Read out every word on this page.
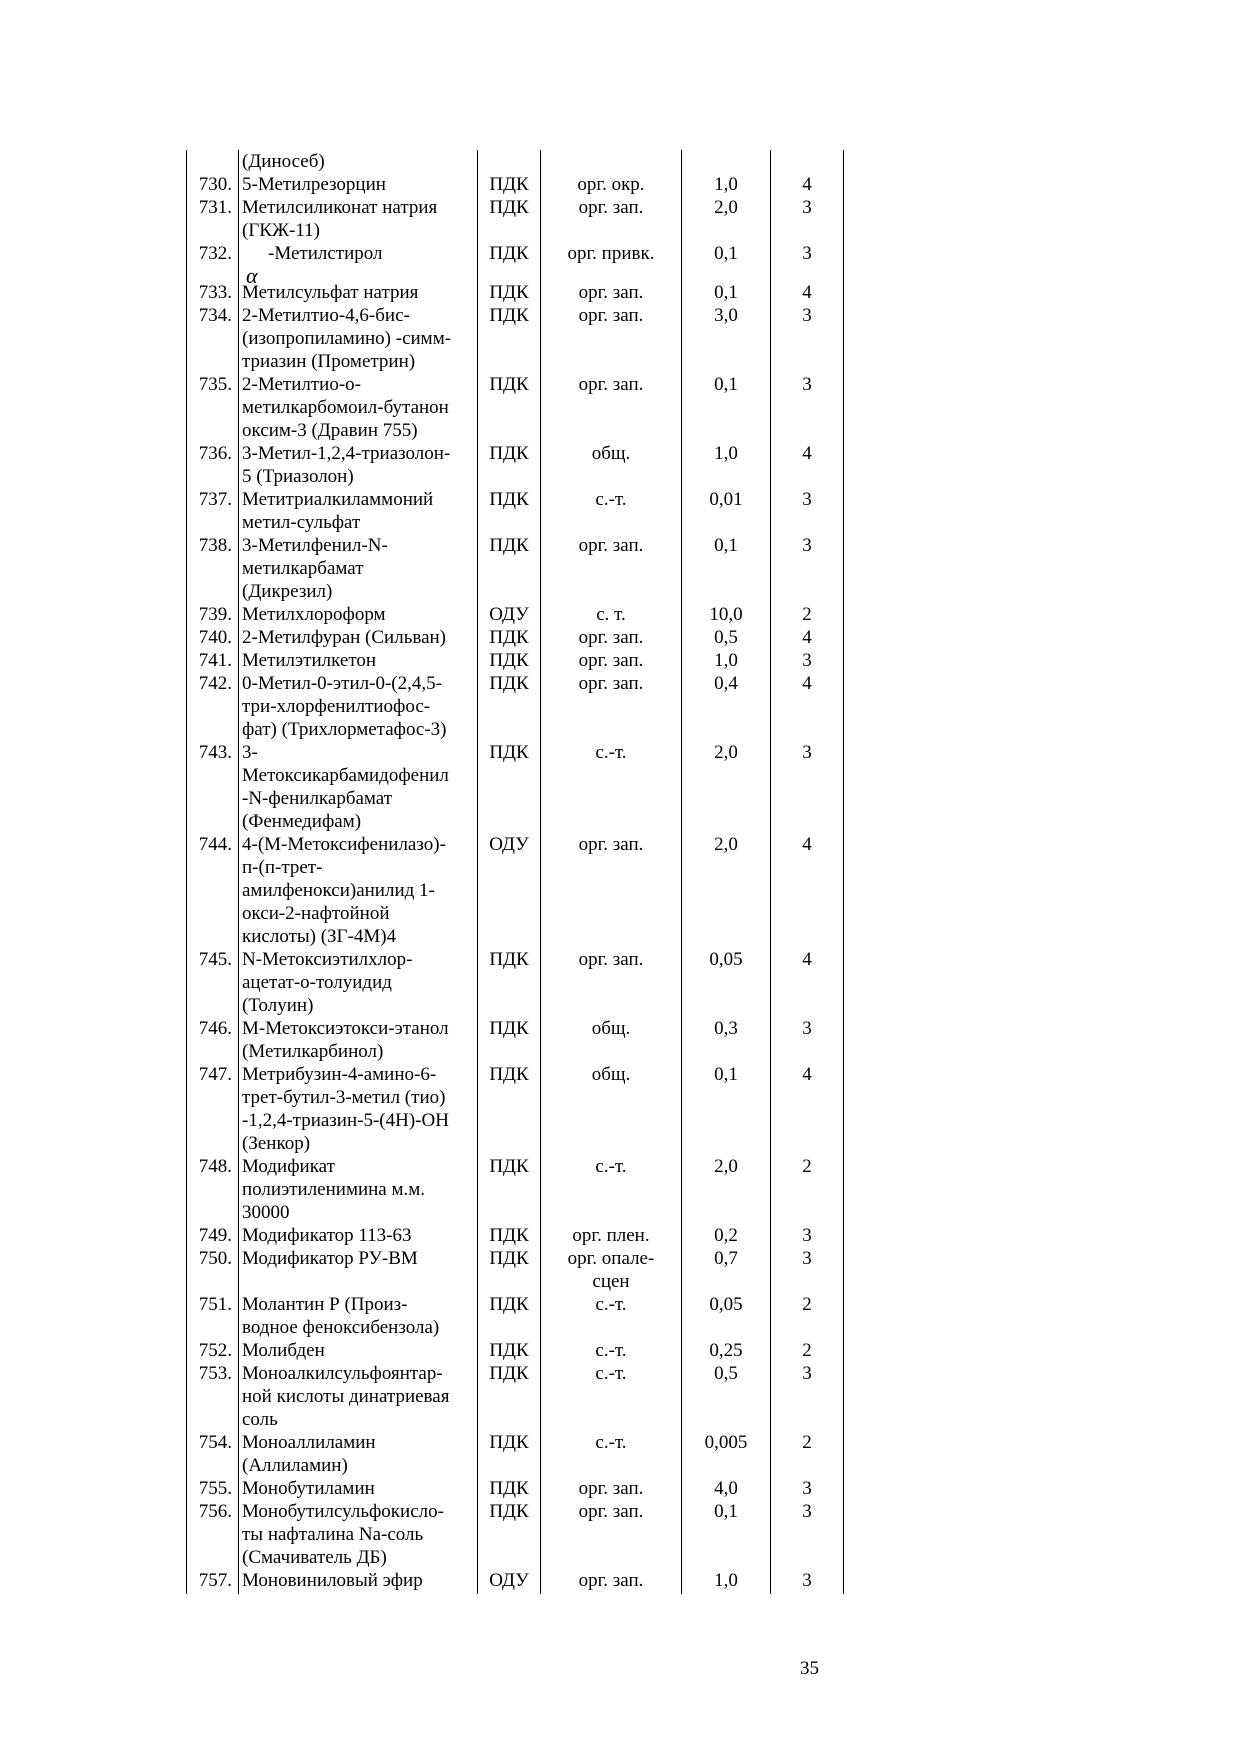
(Диносеб)
730. 5-Метилрезорцин	ПДК	орг. окр.	1,0	4
731. Метилсиликонат натрия
(ГКЖ-11)
ПДК	орг. зап.	2,0	3
732.	-Метилстирол
α
ПДК	орг. привк.	0,1	3
733. Метилсульфат натрия	ПДК	орг. зап.	0,1	4
734. 2-Метилтио-4,6-бис-
(изопропиламино) -симм-
триазин (Прометрин)
ПДК	орг. зап.	3,0	3
735. 2-Метилтио-о-
метилкарбомоил-бутанон
оксим-3 (Дравин 755)
ПДК	орг. зап.	0,1	3
736. 3-Метил-1,2,4-триазолон-
5 (Триазолон)
ПДК	общ.	1,0	4
737. Метитриалкиламмоний
метил-сульфат
ПДК	с.-т.	0,01	3
738. 3-Метилфенил-N-
метилкарбамат
(Дикрезил)
ПДК	орг. зап.	0,1	3
739. Метилхлороформ	ОДУ	с. т.	10,0	2
740. 2-Метилфуран (Сильван)	ПДК	орг. зап.	0,5	4
741. Метилэтилкетон	ПДК	орг. зап.	1,0	3
742. 0-Метил-0-этил-0-(2,4,5-
три-хлорфенилтиофос-
фат) (Трихлорметафос-3)
ПДК	орг. зап.	0,4	4
743. 3-
Метоксикарбамидофенил
-N-фенилкарбамат
(Фенмедифам)
ПДК	с.-т.	2,0	3
744. 4-(М-Метоксифенилазо)-
п-(п-трет-
амилфенокси)анилид 1-
окси-2-нафтойной
кислоты) (ЗГ-4М)4
ОДУ	орг. зап.	2,0	4
745. N-Метоксиэтилхлор-
ацетат-о-толуидид
(Толуин)
ПДК	орг. зап.	0,05	4
746. М-Метоксиэтокси-этанол
(Метилкарбинол)
ПДК	общ.	0,3	3
747. Метрибузин-4-амино-6-
трет-бутил-3-метил (тио)
-1,2,4-триазин-5-(4Н)-ОН
(Зенкор)
ПДК	общ.	0,1	4
748. Модификат
полиэтиленимина м.м.
30000
ПДК	с.-т.	2,0	2
749. Модификатор 113-63	ПДК	орг. плен.	0,2	3
750. Модификатор РУ-ВМ	ПДК	орг. опале-
сцен
0,7	3
751. Молантин Р (Произ-
водное феноксибензола)
ПДК	с.-т.	0,05	2
752. Молибден	ПДК	с.-т.	0,25	2
753. Моноалкилсульфоянтар-
ной кислоты динатриевая
соль
ПДК	с.-т.	0,5	3
754. Моноаллиламин
(Аллиламин)
ПДК	с.-т.	0,005	2
755. Монобутиламин	ПДК	орг. зап.	4,0	3
756. Монобутилсульфокисло-
ты нафталина Na-соль
(Смачиватель ДБ)
ПДК	орг. зап.	0,1	3
757. Моновиниловый эфир	ОДУ	орг. зап.	1,0	3
35
